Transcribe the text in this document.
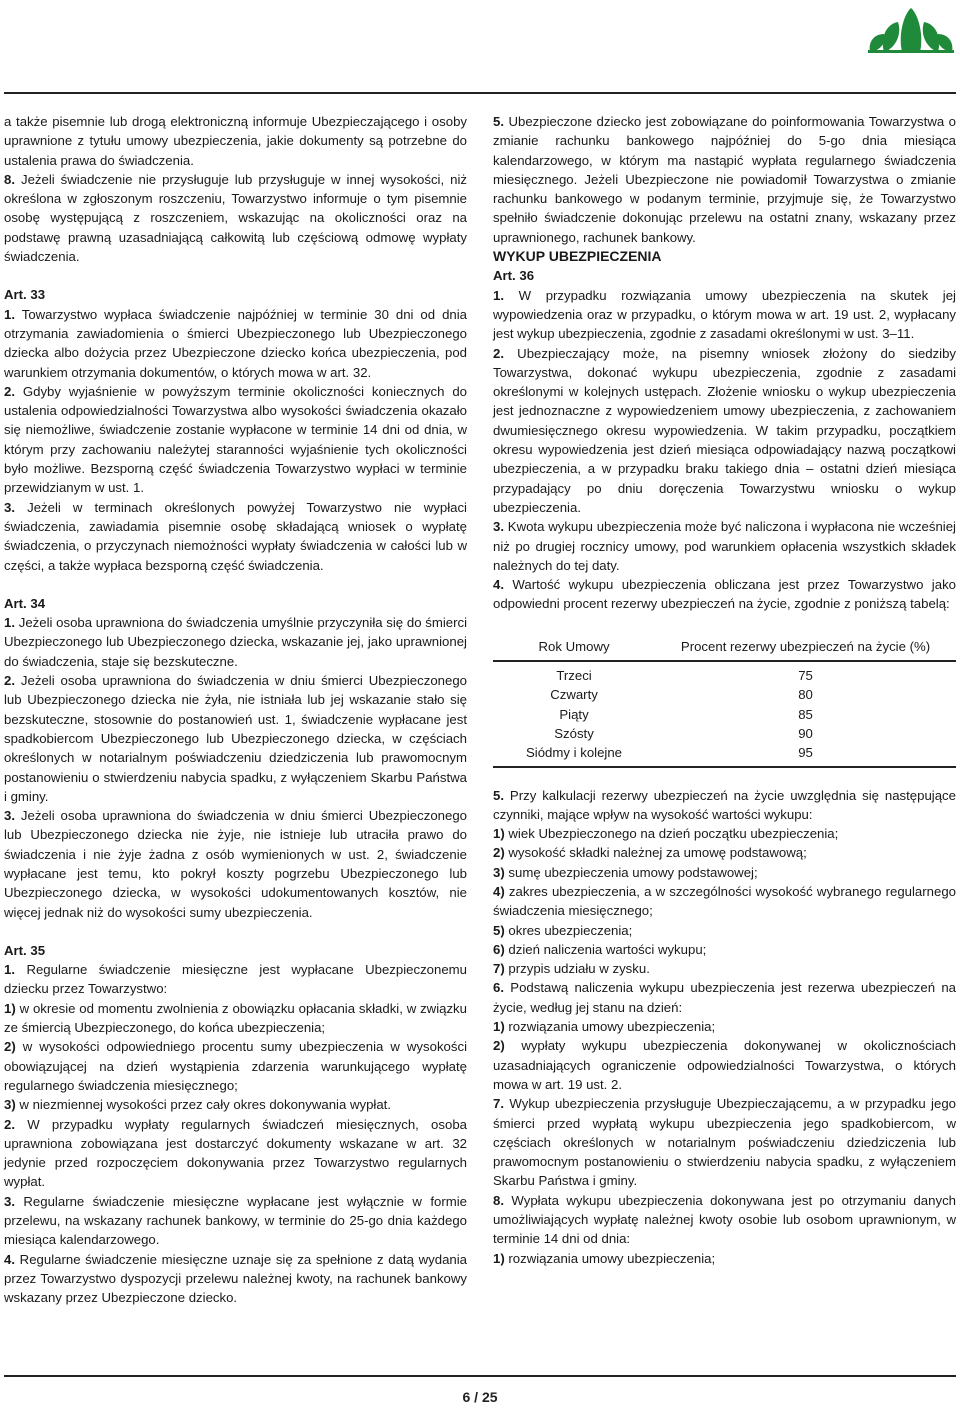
a także pisemnie lub drogą elektroniczną informuje Ubezpieczającego i osoby uprawnione z tytułu umowy ubezpieczenia, jakie dokumenty są potrzebne do ustalenia prawa do świadczenia.

8. Jeżeli świadczenie nie przysługuje lub przysługuje w innej wysokości, niż określona w zgłoszonym roszczeniu, Towarzystwo informuje o tym pisemnie osobę występującą z roszczeniem, wskazując na okoliczności oraz na podstawę prawną uzasadniającą całkowitą lub częściową odmowę wypłaty świadczenia.

Art. 33

1. Towarzystwo wypłaca świadczenie najpóźniej w terminie 30 dni od dnia otrzymania zawiadomienia o śmierci Ubezpieczonego lub Ubezpieczonego dziecka albo dożycia przez Ubezpieczone dziecko końca ubezpieczenia, pod warunkiem otrzymania dokumentów, o których mowa w art. 32.

2. Gdyby wyjaśnienie w powyższym terminie okoliczności koniecznych do ustalenia odpowiedzialności Towarzystwa albo wysokości świadczenia okazało się niemożliwe, świadczenie zostanie wypłacone w terminie 14 dni od dnia, w którym przy zachowaniu należytej staranności wyjaśnienie tych okoliczności było możliwe. Bezsporną część świadczenia Towarzystwo wypłaci w terminie przewidzianym w ust. 1.

3. Jeżeli w terminach określonych powyżej Towarzystwo nie wypłaci świadczenia, zawiadamia pisemnie osobę składającą wniosek o wypłatę świadczenia, o przyczynach niemożności wypłaty świadczenia w całości lub w części, a także wypłaca bezsporną część świadczenia.

Art. 34

1. Jeżeli osoba uprawniona do świadczenia umyślnie przyczyniła się do śmierci Ubezpieczonego lub Ubezpieczonego dziecka, wskazanie jej, jako uprawnionej do świadczenia, staje się bezskuteczne.

2. Jeżeli osoba uprawniona do świadczenia w dniu śmierci Ubezpieczonego lub Ubezpieczonego dziecka nie żyła, nie istniała lub jej wskazanie stało się bezskuteczne, stosownie do postanowień ust. 1, świadczenie wypłacane jest spadkobiercom Ubezpieczonego lub Ubezpieczonego dziecka, w częściach określonych w notarialnym poświadczeniu dziedziczenia lub prawomocnym postanowieniu o stwierdzeniu nabycia spadku, z wyłączeniem Skarbu Państwa i gminy.

3. Jeżeli osoba uprawniona do świadczenia w dniu śmierci Ubezpieczonego lub Ubezpieczonego dziecka nie żyje, nie istnieje lub utraciła prawo do świadczenia i nie żyje żadna z osób wymienionych w ust. 2, świadczenie wypłacane jest temu, kto pokrył koszty pogrzebu Ubezpieczonego lub Ubezpieczonego dziecka, w wysokości udokumentowanych kosztów, nie więcej jednak niż do wysokości sumy ubezpieczenia.

Art. 35

1. Regularne świadczenie miesięczne jest wypłacane Ubezpieczonemu dziecku przez Towarzystwo:

1) w okresie od momentu zwolnienia z obowiązku opłacania składki, w związku ze śmiercią Ubezpieczonego, do końca ubezpieczenia;

2) w wysokości odpowiedniego procentu sumy ubezpieczenia w wysokości obowiązującej na dzień wystąpienia zdarzenia warunkującego wypłatę regularnego świadczenia miesięcznego;

3) w niezmiennej wysokości przez cały okres dokonywania wypłat.

2. W przypadku wypłaty regularnych świadczeń miesięcznych, osoba uprawniona zobowiązana jest dostarczyć dokumenty wskazane w art. 32 jedynie przed rozpoczęciem dokonywania przez Towarzystwo regularnych wypłat.

3. Regularne świadczenie miesięczne wypłacane jest wyłącznie w formie przelewu, na wskazany rachunek bankowy, w terminie do 25-go dnia każdego miesiąca kalendarzowego.

4. Regularne świadczenie miesięczne uznaje się za spełnione z datą wydania przez Towarzystwo dyspozycji przelewu należnej kwoty, na rachunek bankowy wskazany przez Ubezpieczone dziecko.

5. Ubezpieczone dziecko jest zobowiązane do poinformowania Towarzystwa o zmianie rachunku bankowego najpóźniej do 5-go dnia miesiąca kalendarzowego, w którym ma nastąpić wypłata regularnego świadczenia miesięcznego. Jeżeli Ubezpieczone nie powiadomił Towarzystwa o zmianie rachunku bankowego w podanym terminie, przyjmuje się, że Towarzystwo spełniło świadczenie dokonując przelewu na ostatni znany, wskazany przez uprawnionego, rachunek bankowy.

WYKUP UBEZPIECZENIA

Art. 36

1. W przypadku rozwiązania umowy ubezpieczenia na skutek jej wypowiedzenia oraz w przypadku, o którym mowa w art. 19 ust. 2, wypłacany jest wykup ubezpieczenia, zgodnie z zasadami określonymi w ust. 3–11.

2. Ubezpieczający może, na pisemny wniosek złożony do siedziby Towarzystwa, dokonać wykupu ubezpieczenia, zgodnie z zasadami określonymi w kolejnych ustępach. Złożenie wniosku o wykup ubezpieczenia jest jednoznaczne z wypowiedzeniem umowy ubezpieczenia, z zachowaniem dwumiesięcznego okresu wypowiedzenia. W takim przypadku, początkiem okresu wypowiedzenia jest dzień miesiąca odpowiadający nazwą początkowi ubezpieczenia, a w przypadku braku takiego dnia – ostatni dzień miesiąca przypadający po dniu doręczenia Towarzystwu wniosku o wykup ubezpieczenia.

3. Kwota wykupu ubezpieczenia może być naliczona i wypłacona nie wcześniej niż po drugiej rocznicy umowy, pod warunkiem opłacenia wszystkich składek należnych do tej daty.

4. Wartość wykupu ubezpieczenia obliczana jest przez Towarzystwo jako odpowiedni procent rezerwy ubezpieczeń na życie, zgodnie z poniższą tabelą:

Rok Umowy	Procent rezerwy ubezpieczeń na życie (%)
Trzeci	75
Czwarty	80
Piąty	85
Szósty	90
Siódmy i kolejne	95

5. Przy kalkulacji rezerwy ubezpieczeń na życie uwzględnia się następujące czynniki, mające wpływ na wysokość wartości wykupu:

1) wiek Ubezpieczonego na dzień początku ubezpieczenia;

2) wysokość składki należnej za umowę podstawową;

3) sumę ubezpieczenia umowy podstawowej;

4) zakres ubezpieczenia, a w szczególności wysokość wybranego regularnego świadczenia miesięcznego;

5) okres ubezpieczenia;

6) dzień naliczenia wartości wykupu;

7) przypis udziału w zysku.

6. Podstawą naliczenia wykupu ubezpieczenia jest rezerwa ubezpieczeń na życie, według jej stanu na dzień:

1) rozwiązania umowy ubezpieczenia;

2) wypłaty wykupu ubezpieczenia dokonywanej w okolicznościach uzasadniających ograniczenie odpowiedzialności Towarzystwa, o których mowa w art. 19 ust. 2.

7. Wykup ubezpieczenia przysługuje Ubezpieczającemu, a w przypadku jego śmierci przed wypłatą wykupu ubezpieczenia jego spadkobiercom, w częściach określonych w notarialnym poświadczeniu dziedziczenia lub prawomocnym postanowieniu o stwierdzeniu nabycia spadku, z wyłączeniem Skarbu Państwa i gminy.

8. Wypłata wykupu ubezpieczenia dokonywana jest po otrzymaniu danych umożliwiających wypłatę należnej kwoty osobie lub osobom uprawnionym, w terminie 14 dni od dnia:

1) rozwiązania umowy ubezpieczenia;

6 / 25
